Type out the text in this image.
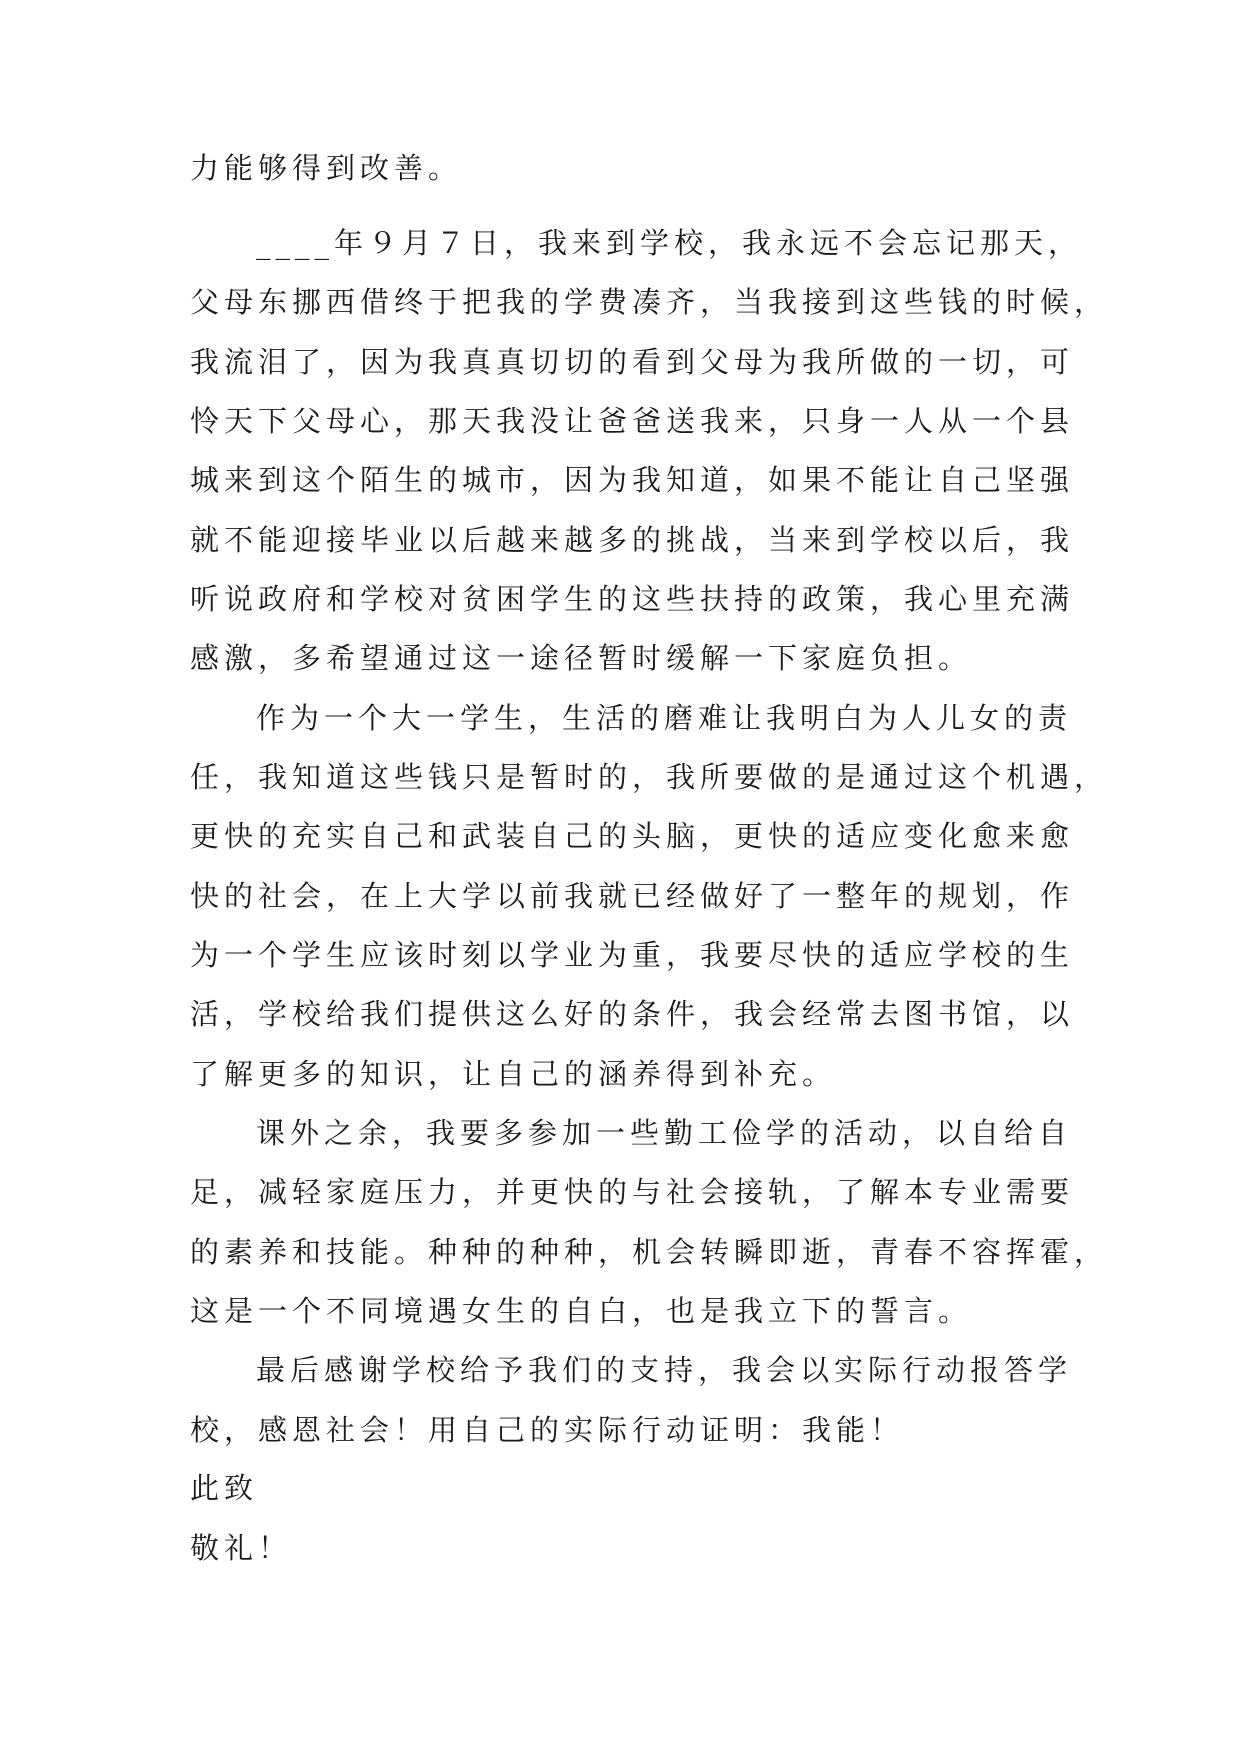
力能够得到改善。

____年９月７日，我来到学校，我永远不会忘记那天，

父母东挪西借终于把我的学费凑齐，当我接到这些钱的时候，

我流泪了，因为我真真切切的看到父母为我所做的一切，可

怜天下父母心，那天我没让爸爸送我来，只身一人从一个县

城来到这个陌生的城市，因为我知道，如果不能让自己坚强

就不能迎接毕业以后越来越多的挑战，当来到学校以后，我

听说政府和学校对贫困学生的这些扶持的政策，我心里充满

感激，多希望通过这一途径暂时缓解一下家庭负担。

作为一个大一学生，生活的磨难让我明白为人儿女的责

任，我知道这些钱只是暂时的，我所要做的是通过这个机遇，

更快的充实自己和武装自己的头脑，更快的适应变化愈来愈

快的社会，在上大学以前我就已经做好了一整年的规划，作

为一个学生应该时刻以学业为重，我要尽快的适应学校的生

活，学校给我们提供这么好的条件，我会经常去图书馆，以

了解更多的知识，让自己的涵养得到补充。

课外之余，我要多参加一些勤工俭学的活动，以自给自

足，减轻家庭压力，并更快的与社会接轨，了解本专业需要

的素养和技能。种种的种种，机会转瞬即逝，青春不容挥霍，

这是一个不同境遇女生的自白，也是我立下的誓言。

最后感谢学校给予我们的支持，我会以实际行动报答学

校，感恩社会！用自己的实际行动证明：我能！

此致

敬礼！
